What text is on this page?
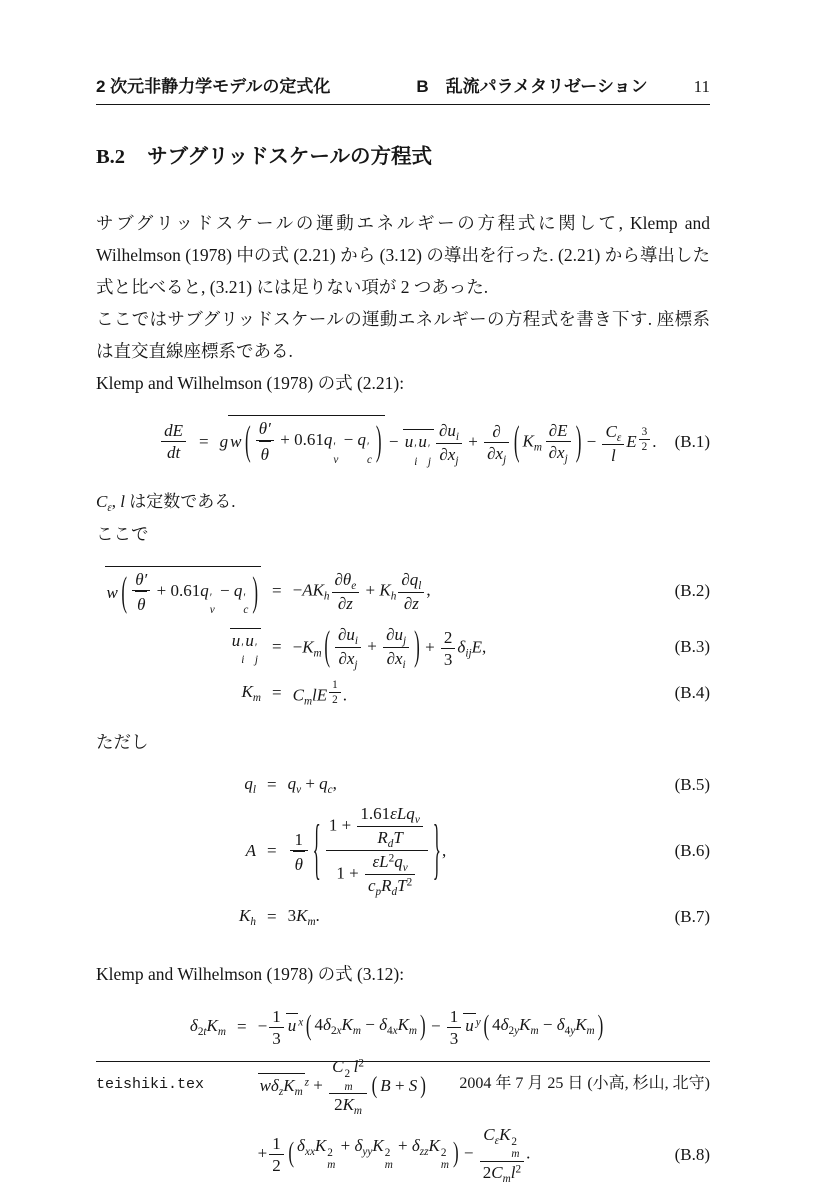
2 次元非静力学モデルの定式化	B　乱流パラメタリゼーション	11
B.2 サブグリッドスケールの方程式

サブグリッドスケールの運動エネルギーの方程式に関して, Klemp and Wilhelmson (1978) 中の式 (2.21) から (3.12) の導出を行った. (2.21) から導出した式と比べると, (3.21) には足りない項が 2 つあった.

ここではサブグリッドスケールの運動エネルギーの方程式を書き下す. 座標系は直交直線座標系である.

Klemp and Wilhelmson (1978) の式 (2.21):

$\frac{dE}{dt} = g$ w ( $\frac{\theta'}{\theta} + 0.61q$ ′
v
− q ′
c ) − u ′
i
u ′
j $\frac{\partial u_i}{\partial x_j} + \frac{\partial}{\partial x_j}$ ( $K_m \frac{\partial E}{\partial x_j}$ ) − $\frac{C_\varepsilon}{l}$ E $^{\frac{3}{2}}$ .	(B.1)

$C_\varepsilon$, l は定数である.

ここで

w ( $\frac{\theta'}{\theta} + 0.61q$ ′
v
− q ′
c ) = $-AK_h \frac{\partial\theta_e}{\partial z} + K_h \frac{\partial q_l}{\partial z}$ ,	(B.2)
u ′
i
u ′
j
= $-K_m$ ( $\frac{\partial u_i}{\partial x_j} + \frac{\partial u_j}{\partial x_i}$ ) + $\frac{2}{3} \delta_{ij}E$,	(B.3)
$K_m = C_mlE$ $^{\frac{1}{2}}$ .	(B.4)

ただし

$q_l = q_v + q_c$,	(B.5)
$A = \frac{1}{\theta}$ { $\frac{1 + \frac{1.61\varepsilon Lq_v}{R_dT}}{1 + \frac{\varepsilon L^2q_v}{c_pR_dT^2}}$ } ,	(B.6)
$K_h = 3K_m$.	(B.7)

Klemp and Wilhelmson (1978) の式 (3.12):

$\delta_{2t}K_m$ = − $\frac{1}{3}$ u $^x$ ( $4\delta_{2x}K_m - \delta_{4x}K_m$ ) − $\frac{1}{3}$ u $^y$ ( $4\delta_{2y}K_m - \delta_{4y}K_m$ )
$w\delta_zK_m^z + C$ 2
m
$l^2$
$2K_m$ ( B + S )
+ $\frac{1}{2}$ ( $\delta_{xx}K$ 2
m
+ $\delta_{yy}K$ 2
m
+ $\delta_{zz}K$ 2
m ) − $C_\varepsilon K$ 2
m
$2C_ml^2$ .	(B.8)
teishiki.tex	2004 年 7 月 25 日 (小高, 杉山, 北守)
